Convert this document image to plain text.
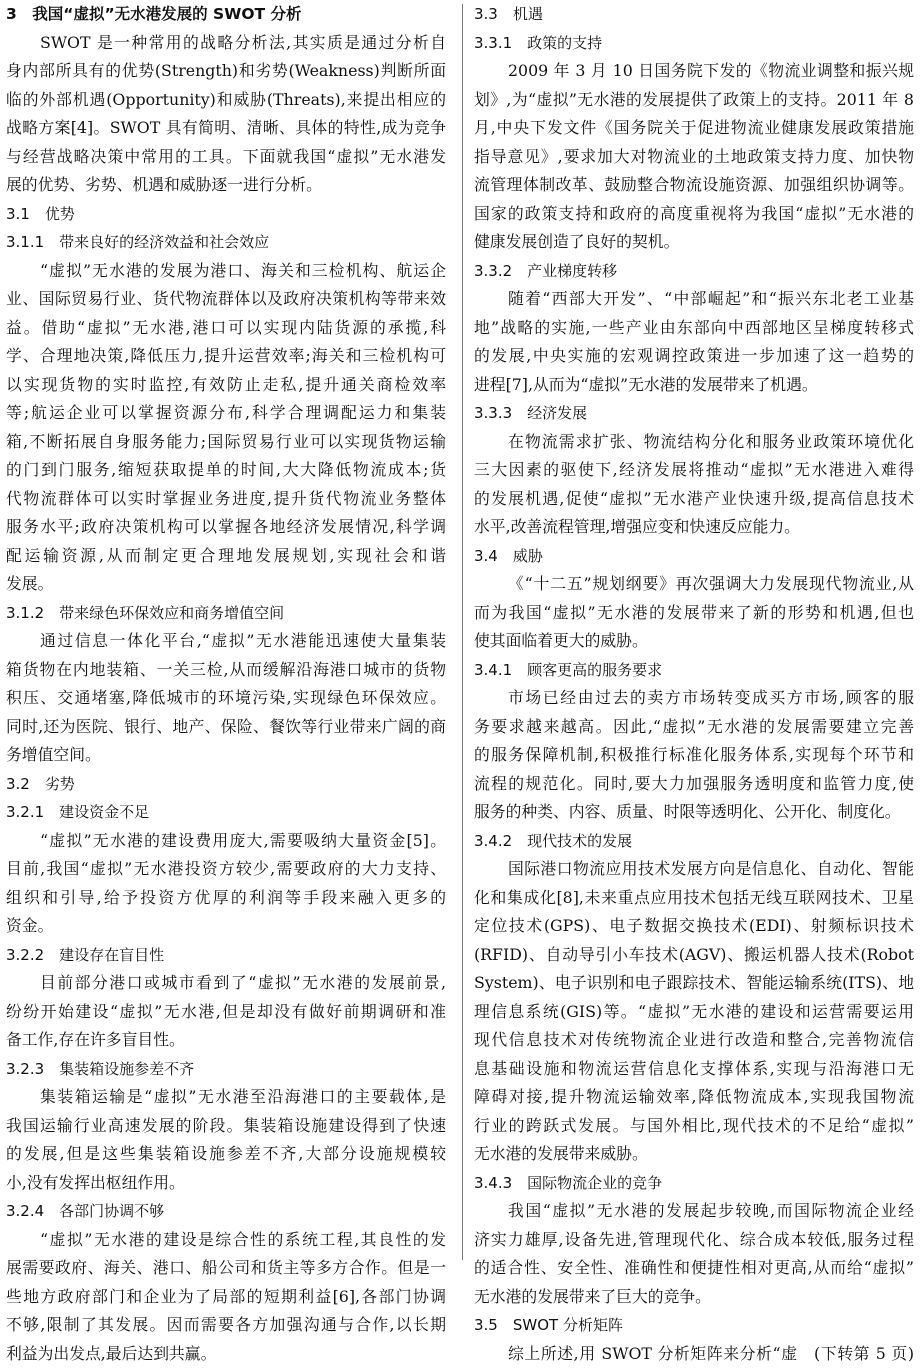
3　我国“虚拟”无水港发展的 SWOT 分析
SWOT 是一种常用的战略分析法,其实质是通过分析自
身内部所具有的优势(Strength)和劣势(Weakness)判断所面
临的外部机遇(Opportunity)和威胁(Threats),来提出相应的
战略方案[4]。SWOT 具有简明、清晰、具体的特性,成为竞争
与经营战略决策中常用的工具。下面就我国“虚拟”无水港发
展的优势、劣势、机遇和威胁逐一进行分析。
3.1　优势
3.1.1　带来良好的经济效益和社会效应
“虚拟”无水港的发展为港口、海关和三检机构、航运企
业、国际贸易行业、货代物流群体以及政府决策机构等带来效
益。借助“虚拟”无水港,港口可以实现内陆货源的承揽,科
学、合理地决策,降低压力,提升运营效率;海关和三检机构可
以实现货物的实时监控,有效防止走私,提升通关商检效率
等;航运企业可以掌握资源分布,科学合理调配运力和集装
箱,不断拓展自身服务能力;国际贸易行业可以实现货物运输
的门到门服务,缩短获取提单的时间,大大降低物流成本;货
代物流群体可以实时掌握业务进度,提升货代物流业务整体
服务水平;政府决策机构可以掌握各地经济发展情况,科学调
配运输资源,从而制定更合理地发展规划,实现社会和谐
发展。
3.1.2　带来绿色环保效应和商务增值空间
通过信息一体化平台,“虚拟”无水港能迅速使大量集装
箱货物在内地装箱、一关三检,从而缓解沿海港口城市的货物
积压、交通堵塞,降低城市的环境污染,实现绿色环保效应。
同时,还为医院、银行、地产、保险、餐饮等行业带来广阔的商
务增值空间。
3.2　劣势
3.2.1　建设资金不足
“虚拟”无水港的建设费用庞大,需要吸纳大量资金[5]。
目前,我国“虚拟”无水港投资方较少,需要政府的大力支持、
组织和引导,给予投资方优厚的利润等手段来融入更多的
资金。
3.2.2　建设存在盲目性
目前部分港口或城市看到了“虚拟”无水港的发展前景,
纷纷开始建设“虚拟”无水港,但是却没有做好前期调研和准
备工作,存在许多盲目性。
3.2.3　集装箱设施参差不齐
集装箱运输是“虚拟”无水港至沿海港口的主要载体,是
我国运输行业高速发展的阶段。集装箱设施建设得到了快速
的发展,但是这些集装箱设施参差不齐,大部分设施规模较
小,没有发挥出枢纽作用。
3.2.4　各部门协调不够
“虚拟”无水港的建设是综合性的系统工程,其良性的发
展需要政府、海关、港口、船公司和货主等多方合作。但是一
些地方政府部门和企业为了局部的短期利益[6],各部门协调
不够,限制了其发展。因而需要各方加强沟通与合作,以长期
利益为出发点,最后达到共赢。
3.3　机遇
3.3.1　政策的支持
2009 年 3 月 10 日国务院下发的《物流业调整和振兴规
划》,为“虚拟”无水港的发展提供了政策上的支持。2011 年 8
月,中央下发文件《国务院关于促进物流业健康发展政策措施
指导意见》,要求加大对物流业的土地政策支持力度、加快物
流管理体制改革、鼓励整合物流设施资源、加强组织协调等。
国家的政策支持和政府的高度重视将为我国“虚拟”无水港的
健康发展创造了良好的契机。
3.3.2　产业梯度转移
随着“西部大开发”、“中部崛起”和“振兴东北老工业基
地”战略的实施,一些产业由东部向中西部地区呈梯度转移式
的发展,中央实施的宏观调控政策进一步加速了这一趋势的
进程[7],从而为“虚拟”无水港的发展带来了机遇。
3.3.3　经济发展
在物流需求扩张、物流结构分化和服务业政策环境优化
三大因素的驱使下,经济发展将推动“虚拟”无水港进入难得
的发展机遇,促使“虚拟”无水港产业快速升级,提高信息技术
水平,改善流程管理,增强应变和快速反应能力。
3.4　威胁
《“十二五”规划纲要》再次强调大力发展现代物流业,从
而为我国“虚拟”无水港的发展带来了新的形势和机遇,但也
使其面临着更大的威胁。
3.4.1　顾客更高的服务要求
市场已经由过去的卖方市场转变成买方市场,顾客的服
务要求越来越高。因此,“虚拟”无水港的发展需要建立完善
的服务保障机制,积极推行标准化服务体系,实现每个环节和
流程的规范化。同时,要大力加强服务透明度和监管力度,使
服务的种类、内容、质量、时限等透明化、公开化、制度化。
3.4.2　现代技术的发展
国际港口物流应用技术发展方向是信息化、自动化、智能
化和集成化[8],未来重点应用技术包括无线互联网技术、卫星
定位技术(GPS)、电子数据交换技术(EDI)、射频标识技术
(RFID)、自动导引小车技术(AGV)、搬运机器人技术(Robot
System)、电子识别和电子跟踪技术、智能运输系统(ITS)、地
理信息系统(GIS)等。“虚拟”无水港的建设和运营需要运用
现代信息技术对传统物流企业进行改造和整合,完善物流信
息基础设施和物流运营信息化支撑体系,实现与沿海港口无
障碍对接,提升物流运输效率,降低物流成本,实现我国物流
行业的跨跃式发展。与国外相比,现代技术的不足给“虚拟”
无水港的发展带来威胁。
3.4.3　国际物流企业的竞争
我国“虚拟”无水港的发展起步较晚,而国际物流企业经
济实力雄厚,设备先进,管理现代化、综合成本较低,服务过程
的适合性、安全性、准确性和便捷性相对更高,从而给“虚拟”
无水港的发展带来了巨大的竞争。
3.5　SWOT 分析矩阵
综上所述,用 SWOT 分析矩阵来分析“虚　(下转第 5 页)
